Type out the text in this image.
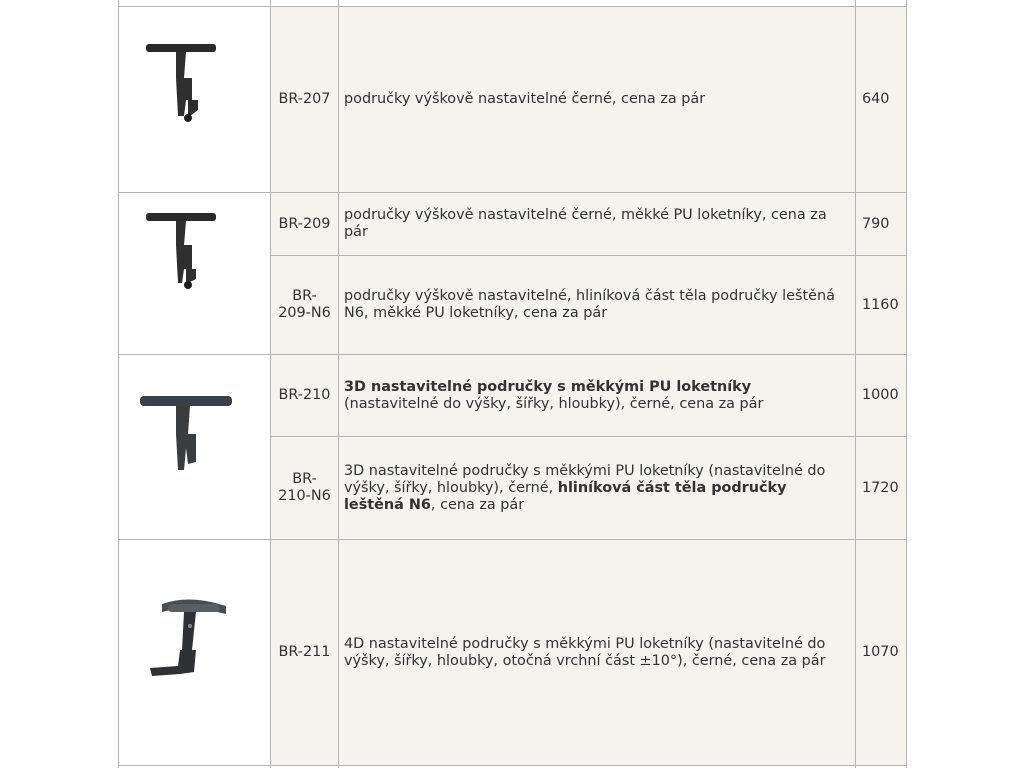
BR-207 područky výškově nastavitelné černé, cena za pár	640
BR-209
područky výškově nastavitelné černé, měkké PU loketníky, cena za pár
790
BR-
209-N6
područky výškově nastavitelné, hliníková část těla područky leštěná N6, měkké PU loketníky, cena za pár
1160
BR-210
3D nastavitelné područky s měkkými PU loketníky (nastavitelné do výšky, šířky, hloubky), černé, cena za pár
1000
BR-
210-N6
3D nastavitelné područky s měkkými PU loketníky (nastavitelné do výšky, šířky, hloubky), černé, hliníková část těla područky leštěná N6, cena za pár
1720
BR-211
4D nastavitelné područky s měkkými PU loketníky (nastavitelné do výšky, šířky, hloubky, otočná vrchní část ±10°), černé, cena za pár
1070
